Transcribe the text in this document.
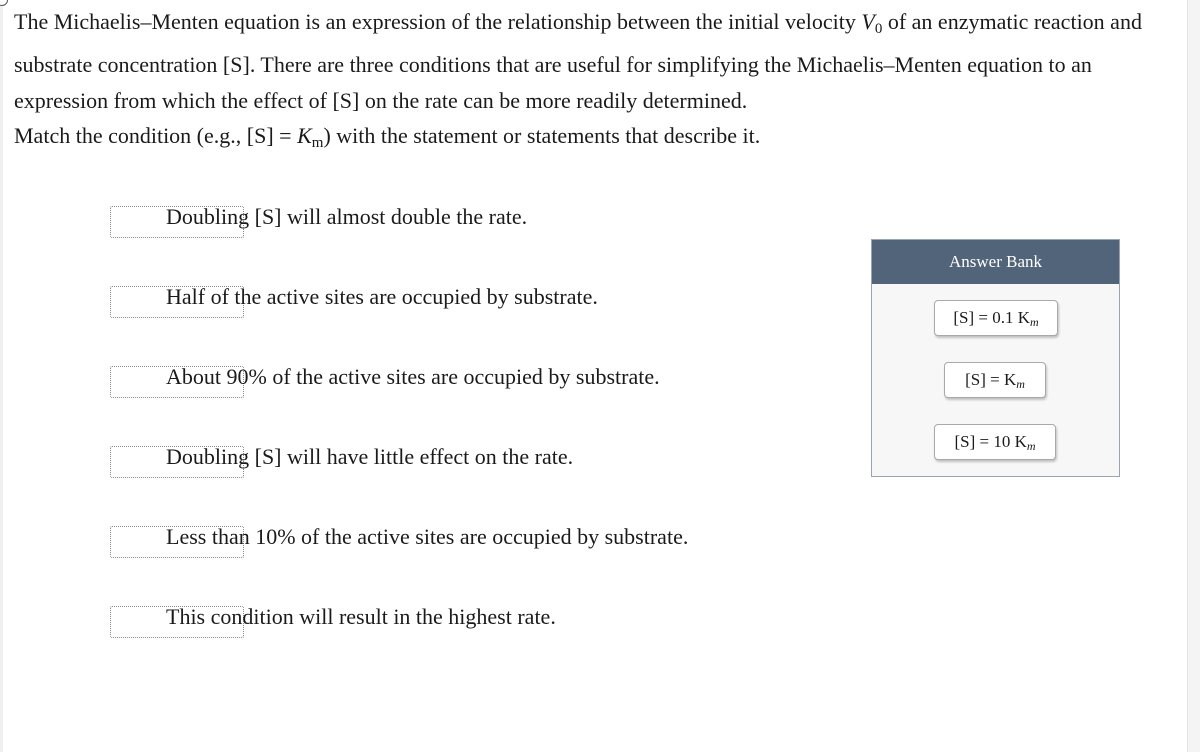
The Michaelis–Menten equation is an expression of the relationship between the initial velocity $V_0$ of an enzymatic reaction and substrate concentration [S]. There are three conditions that are useful for simplifying the Michaelis–Menten equation to an expression from which the effect of [S] on the rate can be more readily determined.

Match the condition (e.g., $[S] = K_m$) with the statement or statements that describe it.
Doubling [S] will almost double the rate.
Half of the active sites are occupied by substrate.
About 90% of the active sites are occupied by substrate.
Doubling [S] will have little effect on the rate.
Less than 10% of the active sites are occupied by substrate.
This condition will result in the highest rate.
Answer Bank
[S] = 0.1 Km
[S] = Km
[S] = 10 Km
